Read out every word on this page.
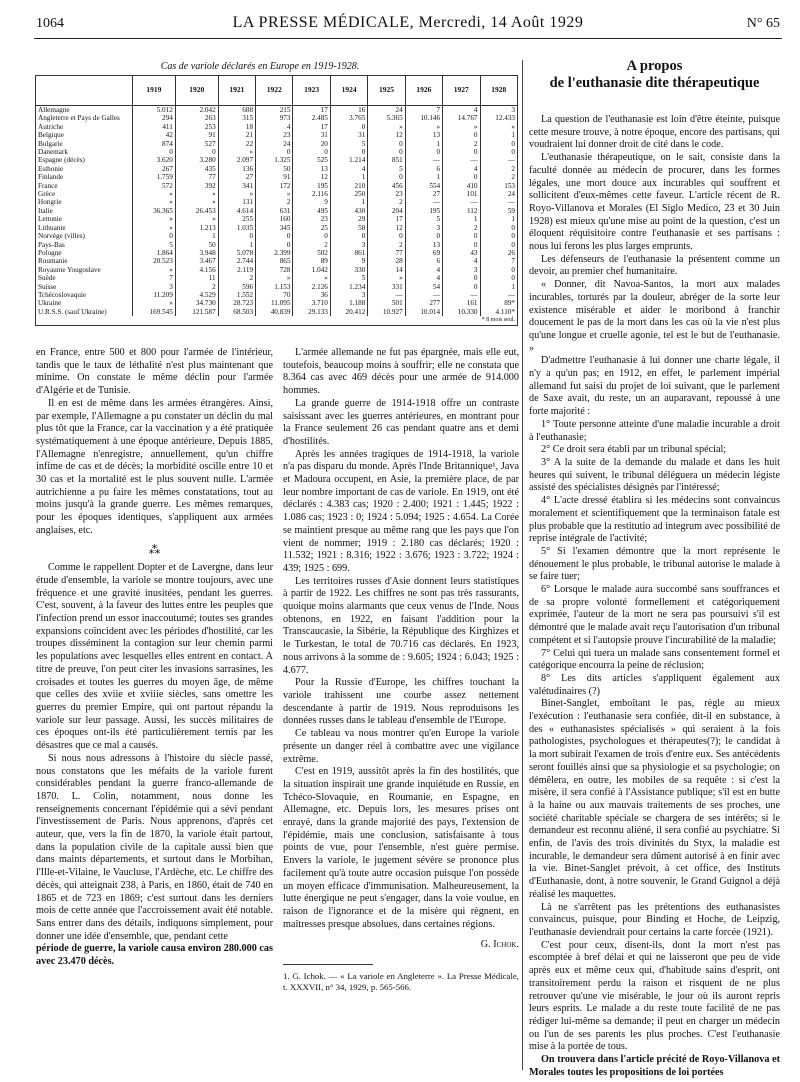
1064	LA PRESSE MÉDICALE, Mercredi, 14 Août 1929	N° 65
Cas de variole déclarés en Europe en 1919-1928.
	1919	1920	1921	1922	1923	1924	1925	1926	1927	1928
Allemagne	5.012	2.042	688	215	17	16	24	7	4	3
Angleterre et Pays de Galles	294	263	315	973	2.485	3.765	5.365	10.146	14.767	12.433
Autriche	411	253	18	4	17	0	»	»	»	»
Belgique	42	91	21	23	31	31	12	13	0	1
Bulgarie	874	527	22	24	20	5	0	1	2	0
Danemark	0	0	»	0	0	0	0	0	0	0
Espagne (décès)	3.620	3.280	2.097	1.325	525	1.214	851	—	—	—
Esthonie	267	435	136	50	13	4	5	6	4	2
Finlande	1.759	77	27	91	12	1	0	1	0	2
France	572	392	341	172	195	210	456	554	410	153
Grèce	»	»	»	»	2.116	250	23	27	101	24
Hongrie	»	»	131	2	9	1	2	—	—	—
Italie	36.365	26.453	4.614	631	495	430	204	195	112	59
Lettonie	»	»	255	160	23	29	17	5	1	1
Lithuanie	»	1.213	1.035	345	25	58	12	3	2	0
Norvège (villes)	0	1	0	0	0	0	0	0	0	0
Pays-Bas	5	50	1	0	2	3	2	13	0	0
Pologne	1.864	3.948	5.078	2.399	502	861	77	69	43	26
Roumanie	20.523	3.467	2.744	865	89	9	28	6	4	7
Royaume Yougoslave	»	4.156	2.119	728	1.042	330	14	4	3	0
Suède	7	11	2	»	»	5	»	4	0	0
Suisse	3	2	596	1.153	2.126	1.234	331	54	0	1
Tchécoslovaquie	11.209	4.529	1.552	70	36	3	—	—	—	—
Ukraine	»	34.730	28.723	11.095	3.710	1.188	501	277	161	89*
U.R.S.S. (sauf Ukraine)	169.545	121.587	68.503	40.839	29.133	20.412	10.927	10.014	10.330	4.110*
* 8 mois seul.										

en France, entre 500 et 800 pour l'armée de l'intérieur, tandis que le taux de léthalité n'est plus maintenant que minime. On constate le même déclin pour l'armée d'Algérie et de Tunisie.

Il en est de même dans les armées étrangères. Ainsi, par exemple, l'Allemagne a pu constater un déclin du mal plus tôt que la France, car la vaccination y a été pratiquée systématiquement à une époque antérieure. Depuis 1885, l'Allemagne n'enregistre, annuellement, qu'un chiffre infime de cas et de décès; la morbidité oscille entre 10 et 30 cas et la mortalité est le plus souvent nulle. L'armée autrichienne a pu faire les mêmes constatations, tout au moins jusqu'à la grande guerre. Les mêmes remarques, pour les époques identiques, s'appliquent aux armées anglaises, etc.

⁂

Comme le rappellent Dopter et de Lavergne, dans leur étude d'ensemble, la variole se montre toujours, avec une fréquence et une gravité inusitées, pendant les guerres. C'est, souvent, à la faveur des luttes entre les peuples que l'infection prend un essor inaccoutumé; toutes ses grandes expansions coïncident avec les périodes d'hostilité, car les troupes disséminent la contagion sur leur chemin parmi les populations avec lesquelles elles entrent en contact. A titre de preuve, l'on peut citer les invasions sarrasines, les croisades et toutes les guerres du moyen âge, de même que celles des xviie et xviiie siècles, sans omettre les guerres du premier Empire, qui ont partout répandu la variole sur leur passage. Aussi, les succès militaires de ces époques ont-ils été particulièrement ternis par les désastres que ce mal a causés.

Si nous nous adressons à l'histoire du siècle passé, nous constatons que les méfaits de la variole furent considérables pendant la guerre franco-allemande de 1870. L. Colin, notamment, nous donne les renseignements concernant l'épidémie qui a sévi pendant l'investissement de Paris. Nous apprenons, d'après cet auteur, que, vers la fin de 1870, la variole était partout, dans la population civile de la capitale aussi bien que dans maints départements, et surtout dans le Morbihan, l'Ille-et-Vilaine, le Vaucluse, l'Ardèche, etc. Le chiffre des décès, qui atteignait 238, à Paris, en 1860, était de 740 en 1865 et de 723 en 1869; c'est surtout dans les derniers mois de cette année que l'accroissement avait été notable. Sans entrer dans des détails, indiquons simplement, pour donner une idée d'ensemble, que, pendant cette

période de guerre, la variole causa environ 280.000 cas avec 23.470 décès.

L'armée allemande ne fut pas épargnée, mais elle eut, toutefois, beaucoup moins à souffrir; elle ne constata que 8.364 cas avec 469 décès pour une armée de 914.000 hommes.

La grande guerre de 1914-1918 offre un contraste saisissant avec les guerres antérieures, en montrant pour la France seulement 26 cas pendant quatre ans et demi d'hostilités.

Après les années tragiques de 1914-1918, la variole n'a pas disparu du monde. Après l'Inde Britannique¹, Java et Madoura occupent, en Asie, la première place, de par leur nombre important de cas de variole. En 1919, ont été déclarés : 4.383 cas; 1920 : 2.400; 1921 : 1.445; 1922 : 1.086 cas; 1923 : 0; 1924 : 5.094; 1925 : 4.654. La Corée se maintient presque au même rang que les pays que l'on vient de nommer; 1919 : 2.180 cas déclarés; 1920 : 11.532; 1921 : 8.316; 1922 : 3.676; 1923 : 3.722; 1924 : 439; 1925 : 699.

Les territoires russes d'Asie donnent leurs statistiques à partir de 1922. Les chiffres ne sont pas très rassurants, quoique moins alarmants que ceux venus de l'Inde. Nous obtenons, en 1922, en faisant l'addition pour la Transcaucasie, la Sibérie, la République des Kirghizes et le Turkestan, le total de 70.716 cas déclarés. En 1923, nous arrivons à la somme de : 9.605; 1924 : 6.043; 1925 : 4.677.

Pour la Russie d'Europe, les chiffres touchant la variole trahissent une courbe assez nettement descendante à partir de 1919. Nous reproduisons les données russes dans le tableau d'ensemble de l'Europe.

Ce tableau va nous montrer qu'en Europe la variole présente un danger réel à combattre avec une vigilance extrême.

C'est en 1919, aussitôt après la fin des hostilités, que la situation inspirait une grande inquiétude en Russie, en Tchéco-Slovaquie, en Roumanie, en Espagne, en Allemagne, etc. Depuis lors, les mesures prises ont enrayé, dans la grande majorité des pays, l'extension de l'épidémie, mais une conclusion, satisfaisante à tous points de vue, pour l'ensemble, n'est guère permise. Envers la variole, le jugement sévère se prononce plus facilement qu'à toute autre occasion puisque l'on possède un moyen efficace d'immunisation. Malheureusement, la lutte énergique ne peut s'engager, dans la voie voulue, en raison de l'ignorance et de la misère qui règnent, en maîtresses presque absolues, dans certaines régions.

G. Ichok.

1. G. Ichok. — « La variole en Angleterre ». La Presse Médicale, t. XXXVII, n° 34, 1929, p. 565-566.

A propos
de l'euthanasie dite thérapeutique

La question de l'euthanasie est loin d'être éteinte, puisque cette mesure trouve, à notre époque, encore des partisans, qui voudraient lui donner droit de cité dans le code.

L'euthanasie thérapeutique, on le sait, consiste dans la faculté donnée au médecin de procurer, dans les formes légales, une mort douce aux incurables qui souffrent et sollicitent d'eux-mêmes cette faveur. L'article récent de R. Royo-Villanova et Morales (El Siglo Medico, 23 et 30 Juin 1928) est mieux qu'une mise au point de la question, c'est un éloquent réquisitoire contre l'euthanasie et ses partisans : nous lui ferons les plus larges emprunts.

Les défenseurs de l'euthanasie la présentent comme un devoir, au premier chef humanitaire.

« Donner, dit Navoa-Santos, la mort aux malades incurables, torturés par la douleur, abréger de la sorte leur existence misérable et aider le moribond à franchir doucement le pas de la mort dans les cas où la vie n'est plus qu'une longue et cruelle agonie, tel est le but de l'euthanasie. »

D'admettre l'euthanasie à lui donner une charte légale, il n'y a qu'un pas; en 1912, en effet, le parlement impérial allemand fut saisi du projet de loi suivant, que le parlement de Saxe avait, du reste, un an auparavant, repoussé à une forte majorité :

1° Toute personne atteinte d'une maladie incurable a droit à l'euthanasie;

2° Ce droit sera établi par un tribunal spécial;

3° A la suite de la demande du malade et dans les huit heures qui suivent, le tribunal déléguera un médecin légiste assisté des spécialistes désignés par l'intéressé;

4° L'acte dressé établira si les médecins sont convaincus moralement et scientifiquement que la terminaison fatale est plus probable que la restitutio ad integrum avec possibilité de reprise intégrale de l'activité;

5° Si l'examen démontre que la mort représente le dénouement le plus probable, le tribunal autorise le malade à se faire tuer;

6° Lorsque le malade aura succombé sans souffrances et de sa propre volonté formellement et catégoriquement exprimée, l'auteur de la mort ne sera pas poursuivi s'il est démontré que le malade avait reçu l'autorisation d'un tribunal compétent et si l'autopsie prouve l'incurabilité de la maladie;

7° Celui qui tuera un malade sans consentement formel et catégorique encourra la peine de réclusion;

8° Les dits articles s'appliquent également aux valétudinaires (?)

Binet-Sanglet, emboîtant le pas, règle au mieux l'exécution : l'euthanasie sera confiée, dit-il en substance, à des « euthanasistes spécialisés » qui seraient à la fois pathologistes, psychologues et thérapeutes(?); le candidat à la mort subirait l'examen de trois d'entre eux. Ses antécédents seront fouillés ainsi que sa physiologie et sa psychologie; on démêlera, en outre, les mobiles de sa requête : si c'est la misère, il sera confié à l'Assistance publique; s'il est en butte à la haine ou aux mauvais traitements de ses proches, une société charitable spéciale se chargera de ses intérêts; si le demandeur est reconnu aliéné, il sera confié au psychiatre. Si enfin, de l'avis des trois divinités du Styx, la maladie est incurable, le demandeur sera dûment autorisé à en finir avec la vie. Binet-Sanglet prévoit, à cet office, des Instituts d'Euthanasie, dont, à notre souvenir, le Grand Guignol a déjà réalisé les maquettes.

Là ne s'arrêtent pas les prétentions des euthanasistes convaincus, puisque, pour Binding et Hoche, de Leipzig, l'euthanasie deviendrait pour certains la carte forcée (1921).

C'est pour ceux, disent-ils, dont la mort n'est pas escomptée à bref délai et qui ne laisseront que peu de vide après eux et même ceux qui, d'habitude sains d'esprit, ont transitoirement perdu la raison et risquent de ne plus retrouver qu'une vie misérable, le jour où ils auront repris leurs esprits. Le malade a du reste toute facilité de ne pas rédiger lui-même sa demande; il peut en charger un médecin ou l'un de ses parents les plus proches. C'est l'euthanasie mise à la portée de tous.

On trouvera dans l'article précité de Royo-Villanova et Morales toutes les propositions de loi portées
